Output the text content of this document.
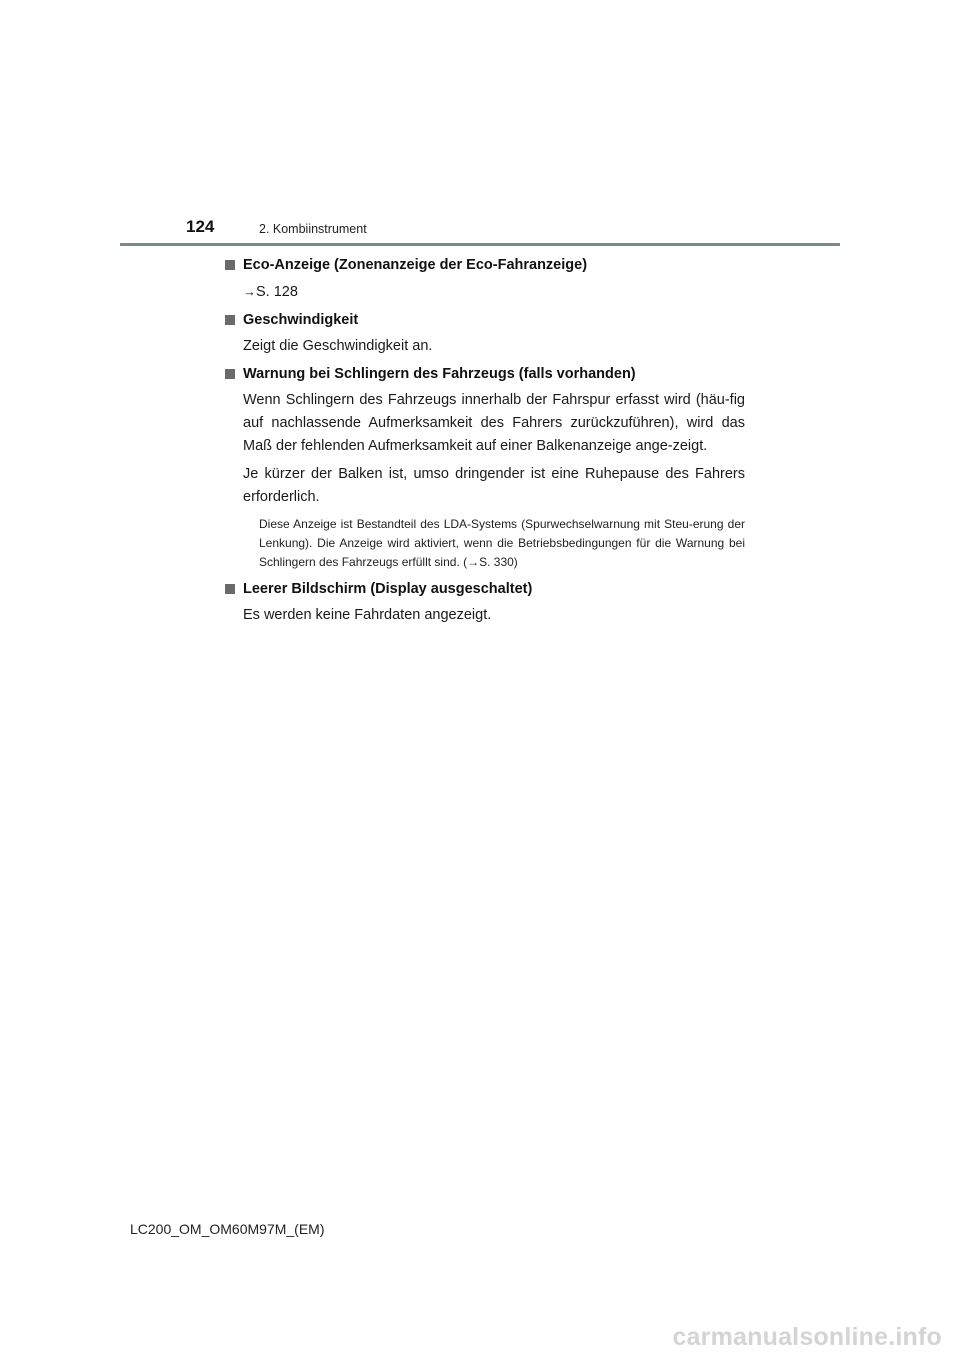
124	2. Kombiinstrument
Eco-Anzeige (Zonenanzeige der Eco-Fahranzeige)

→S. 128

Geschwindigkeit

Zeigt die Geschwindigkeit an.

Warnung bei Schlingern des Fahrzeugs (falls vorhanden)

Wenn Schlingern des Fahrzeugs innerhalb der Fahrspur erfasst wird (häu-fig auf nachlassende Aufmerksamkeit des Fahrers zurückzuführen), wird das Maß der fehlenden Aufmerksamkeit auf einer Balkenanzeige ange-zeigt.

Je kürzer der Balken ist, umso dringender ist eine Ruhepause des Fahrers erforderlich.

Diese Anzeige ist Bestandteil des LDA-Systems (Spurwechselwarnung mit Steu-erung der Lenkung). Die Anzeige wird aktiviert, wenn die Betriebsbedingungen für die Warnung bei Schlingern des Fahrzeugs erfüllt sind. (→S. 330)

Leerer Bildschirm (Display ausgeschaltet)

Es werden keine Fahrdaten angezeigt.

LC200_OM_OM60M97M_(EM)
carmanualsonline.info
